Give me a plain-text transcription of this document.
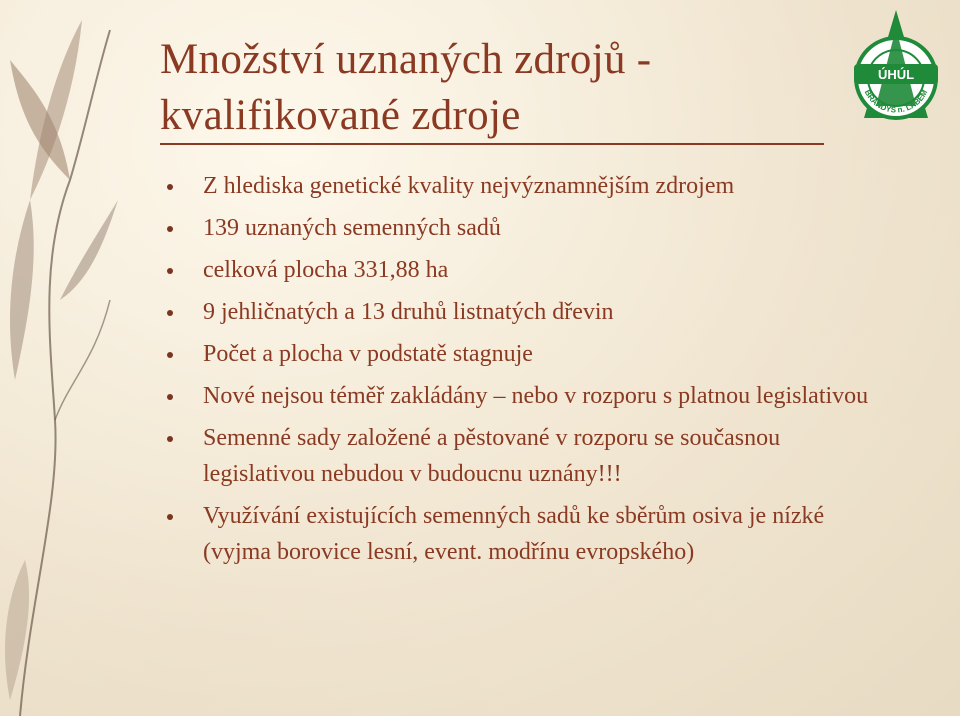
Množství uznaných zdrojů -
kvalifikované zdroje
ÚHÚL
BRANDÝS n. LABEM
Z hlediska genetické kvality nejvýznamnějším zdrojem
139 uznaných semenných sadů
celková plocha 331,88 ha
9 jehličnatých a 13 druhů listnatých dřevin
Počet a plocha v podstatě stagnuje
Nové nejsou téměř zakládány – nebo v rozporu s platnou legislativou
Semenné sady založené a pěstované v rozporu se současnou legislativou nebudou v budoucnu uznány!!!
Využívání existujících semenných sadů ke sběrům osiva je nízké (vyjma borovice lesní, event. modřínu evropského)
